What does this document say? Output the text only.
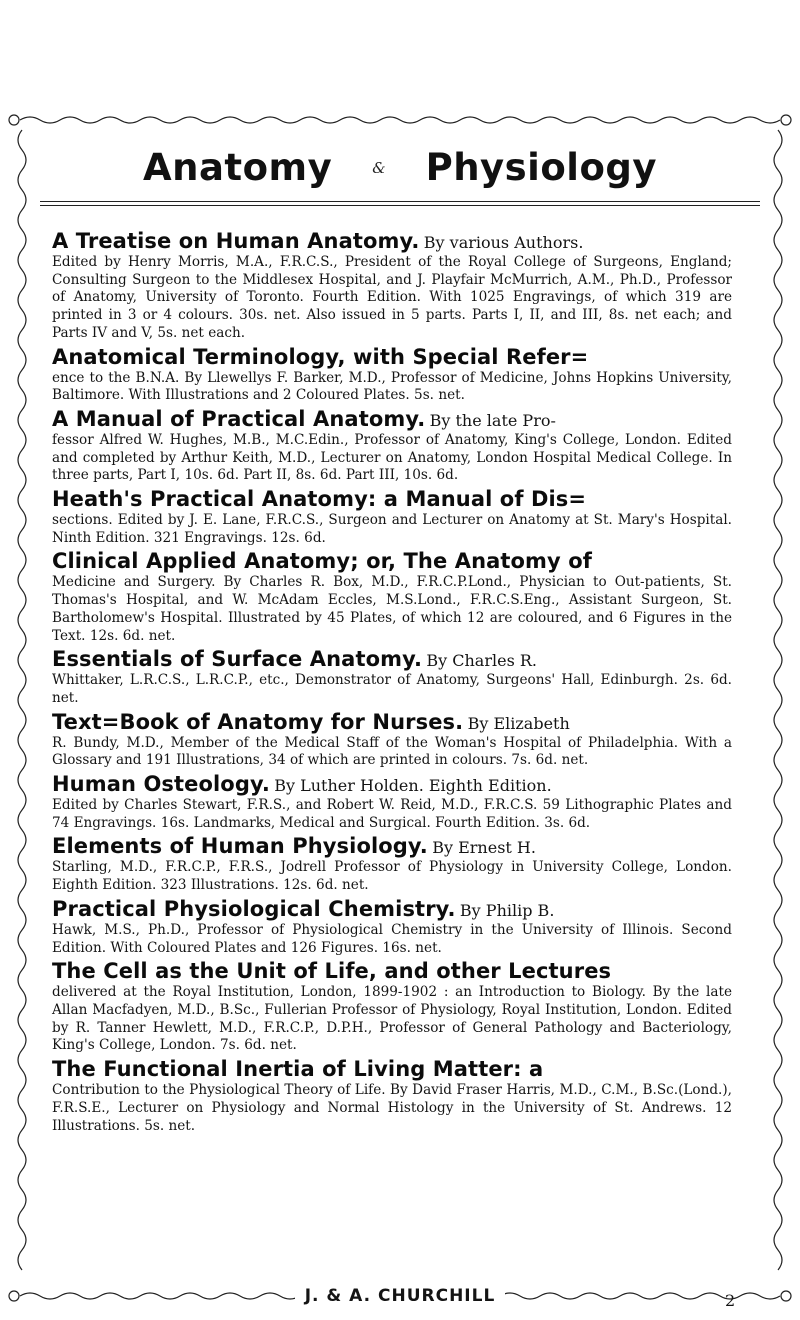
Anatomy	& Physiology
A Treatise on Human Anatomy. By various Authors.
Edited by Henry Morris, M.A., F.R.C.S., President of the Royal College of Surgeons, England; Consulting Surgeon to the Middlesex Hospital, and J. Playfair McMurrich, A.M., Ph.D., Professor of Anatomy, University of Toronto. Fourth Edition. With 1025 Engravings, of which 319 are printed in 3 or 4 colours. 30s. net. Also issued in 5 parts. Parts I, II, and III, 8s. net each; and Parts IV and V, 5s. net each.
Anatomical Terminology, with Special Refer=
ence to the B.N.A. By Llewellys F. Barker, M.D., Professor of Medicine, Johns Hopkins University, Baltimore. With Illustrations and 2 Coloured Plates. 5s. net.
A Manual of Practical Anatomy. By the late Pro-
fessor Alfred W. Hughes, M.B., M.C.Edin., Professor of Anatomy, King's College, London. Edited and completed by Arthur Keith, M.D., Lecturer on Anatomy, London Hospital Medical College. In three parts, Part I, 10s. 6d. Part II, 8s. 6d. Part III, 10s. 6d.
Heath's Practical Anatomy: a Manual of Dis=
sections. Edited by J. E. Lane, F.R.C.S., Surgeon and Lecturer on Anatomy at St. Mary's Hospital. Ninth Edition. 321 Engravings. 12s. 6d.
Clinical Applied Anatomy; or, The Anatomy of
Medicine and Surgery. By Charles R. Box, M.D., F.R.C.P.Lond., Physician to Out-patients, St. Thomas's Hospital, and W. McAdam Eccles, M.S.Lond., F.R.C.S.Eng., Assistant Surgeon, St. Bartholomew's Hospital. Illustrated by 45 Plates, of which 12 are coloured, and 6 Figures in the Text. 12s. 6d. net.
Essentials of Surface Anatomy. By Charles R.
Whittaker, L.R.C.S., L.R.C.P., etc., Demonstrator of Anatomy, Surgeons' Hall, Edinburgh. 2s. 6d. net.
Text=Book of Anatomy for Nurses. By Elizabeth
R. Bundy, M.D., Member of the Medical Staff of the Woman's Hospital of Philadelphia. With a Glossary and 191 Illustrations, 34 of which are printed in colours. 7s. 6d. net.
Human Osteology. By Luther Holden. Eighth Edition.
Edited by Charles Stewart, F.R.S., and Robert W. Reid, M.D., F.R.C.S. 59 Lithographic Plates and 74 Engravings. 16s. Landmarks, Medical and Surgical. Fourth Edition. 3s. 6d.
Elements of Human Physiology. By Ernest H.
Starling, M.D., F.R.C.P., F.R.S., Jodrell Professor of Physiology in University College, London. Eighth Edition. 323 Illustrations. 12s. 6d. net.
Practical Physiological Chemistry. By Philip B.
Hawk, M.S., Ph.D., Professor of Physiological Chemistry in the University of Illinois. Second Edition. With Coloured Plates and 126 Figures. 16s. net.
The Cell as the Unit of Life, and other Lectures
delivered at the Royal Institution, London, 1899-1902 : an Introduction to Biology. By the late Allan Macfadyen, M.D., B.Sc., Fullerian Professor of Physiology, Royal Institution, London. Edited by R. Tanner Hewlett, M.D., F.R.C.P., D.P.H., Professor of General Pathology and Bacteriology, King's College, London. 7s. 6d. net.
The Functional Inertia of Living Matter: a
Contribution to the Physiological Theory of Life. By David Fraser Harris, M.D., C.M., B.Sc.(Lond.), F.R.S.E., Lecturer on Physiology and Normal Histology in the University of St. Andrews. 12 Illustrations. 5s. net.
J. & A. CHURCHILL	2
